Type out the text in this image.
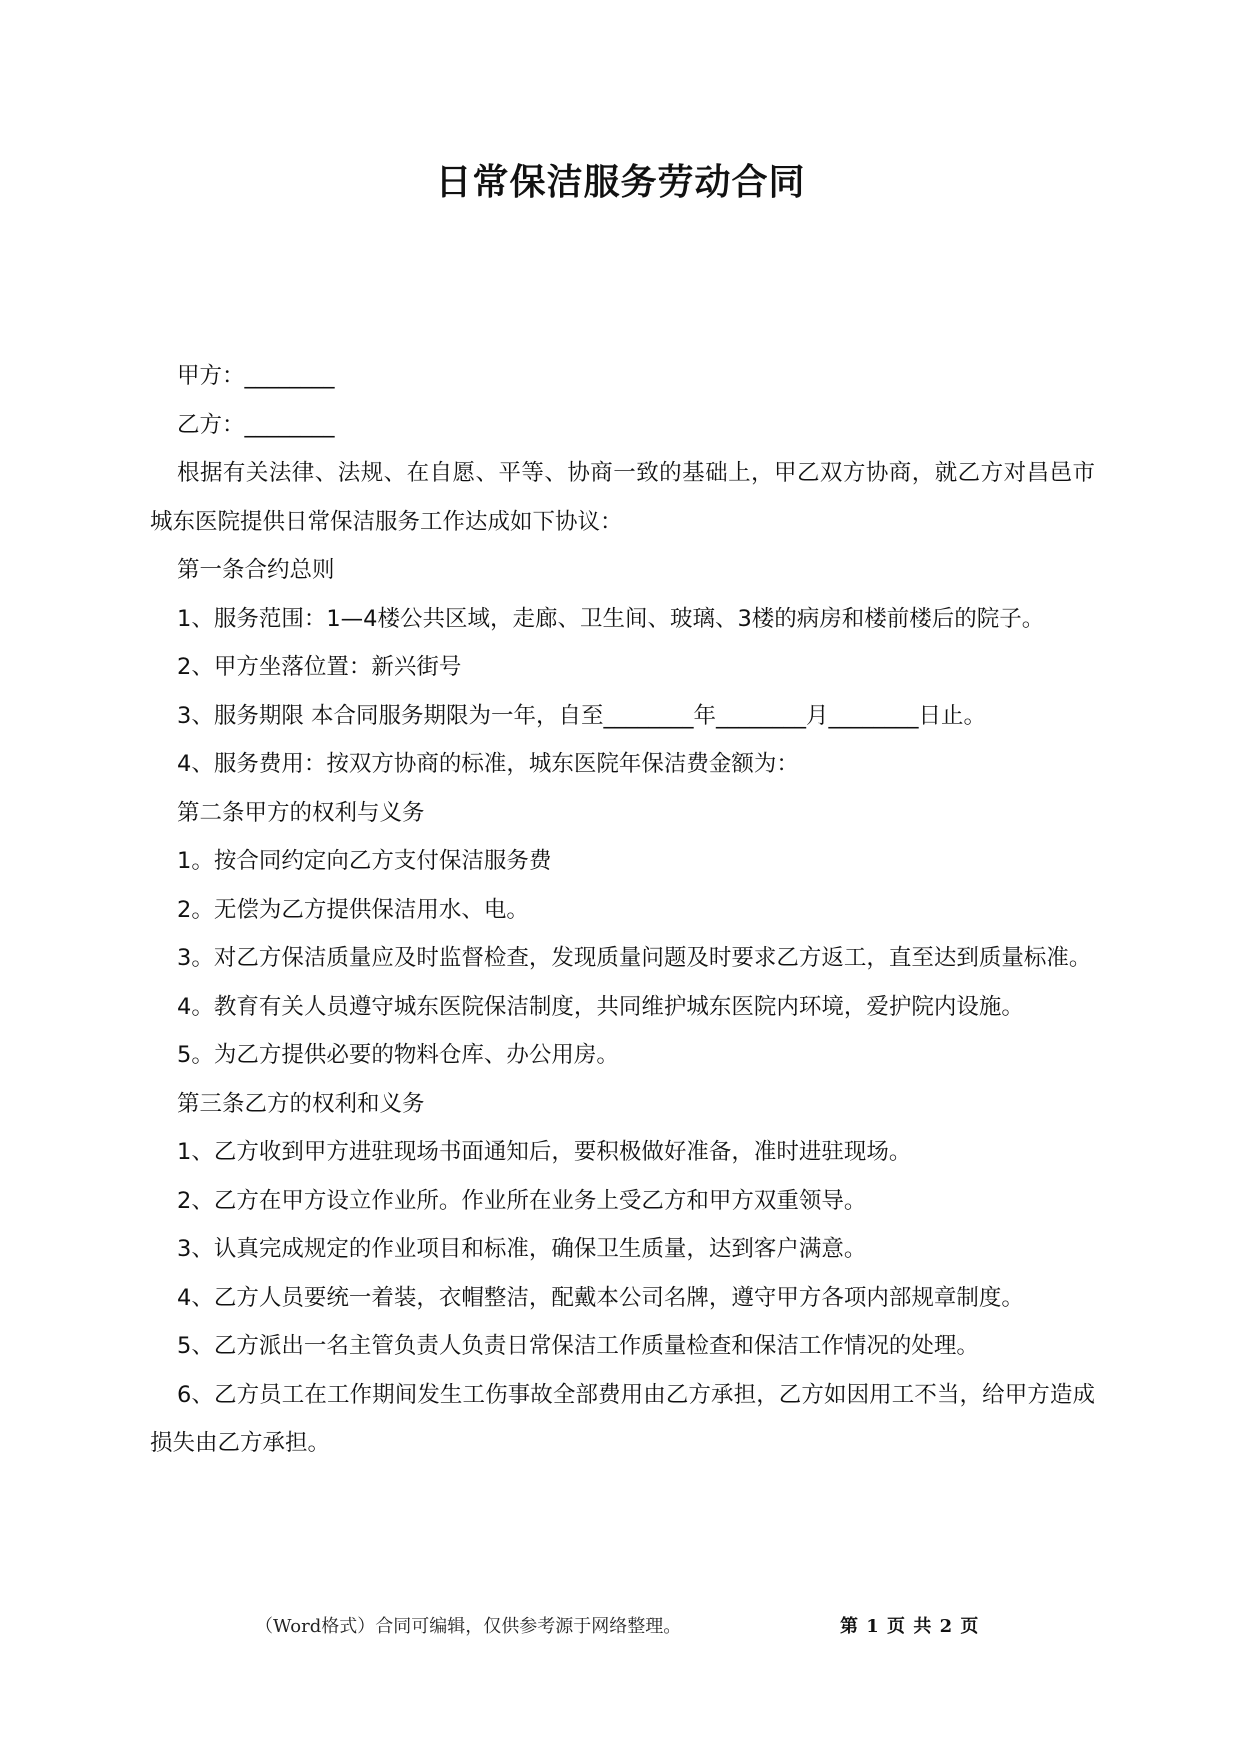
日常保洁服务劳动合同

甲方：________

乙方：________

根据有关法律、法规、在自愿、平等、协商一致的基础上，甲乙双方协商，就乙方对昌邑市城东医院提供日常保洁服务工作达成如下协议：

第一条合约总则

1、服务范围：1—4楼公共区域，走廊、卫生间、玻璃、3楼的病房和楼前楼后的院子。

2、甲方坐落位置：新兴街号

3、服务期限 本合同服务期限为一年，自至________年________月________日止。

4、服务费用：按双方协商的标准，城东医院年保洁费金额为：

第二条甲方的权利与义务

1。按合同约定向乙方支付保洁服务费

2。无偿为乙方提供保洁用水、电。

3。对乙方保洁质量应及时监督检查，发现质量问题及时要求乙方返工，直至达到质量标准。

4。教育有关人员遵守城东医院保洁制度，共同维护城东医院内环境，爱护院内设施。

5。为乙方提供必要的物料仓库、办公用房。

第三条乙方的权利和义务

1、乙方收到甲方进驻现场书面通知后，要积极做好准备，准时进驻现场。

2、乙方在甲方设立作业所。作业所在业务上受乙方和甲方双重领导。

3、认真完成规定的作业项目和标准，确保卫生质量，达到客户满意。

4、乙方人员要统一着装，衣帽整洁，配戴本公司名牌，遵守甲方各项内部规章制度。

5、乙方派出一名主管负责人负责日常保洁工作质量检查和保洁工作情况的处理。

6、乙方员工在工作期间发生工伤事故全部费用由乙方承担，乙方如因用工不当，给甲方造成损失由乙方承担。

（Word格式）合同可编辑，仅供参考源于网络整理。	第 1 页 共 2 页
